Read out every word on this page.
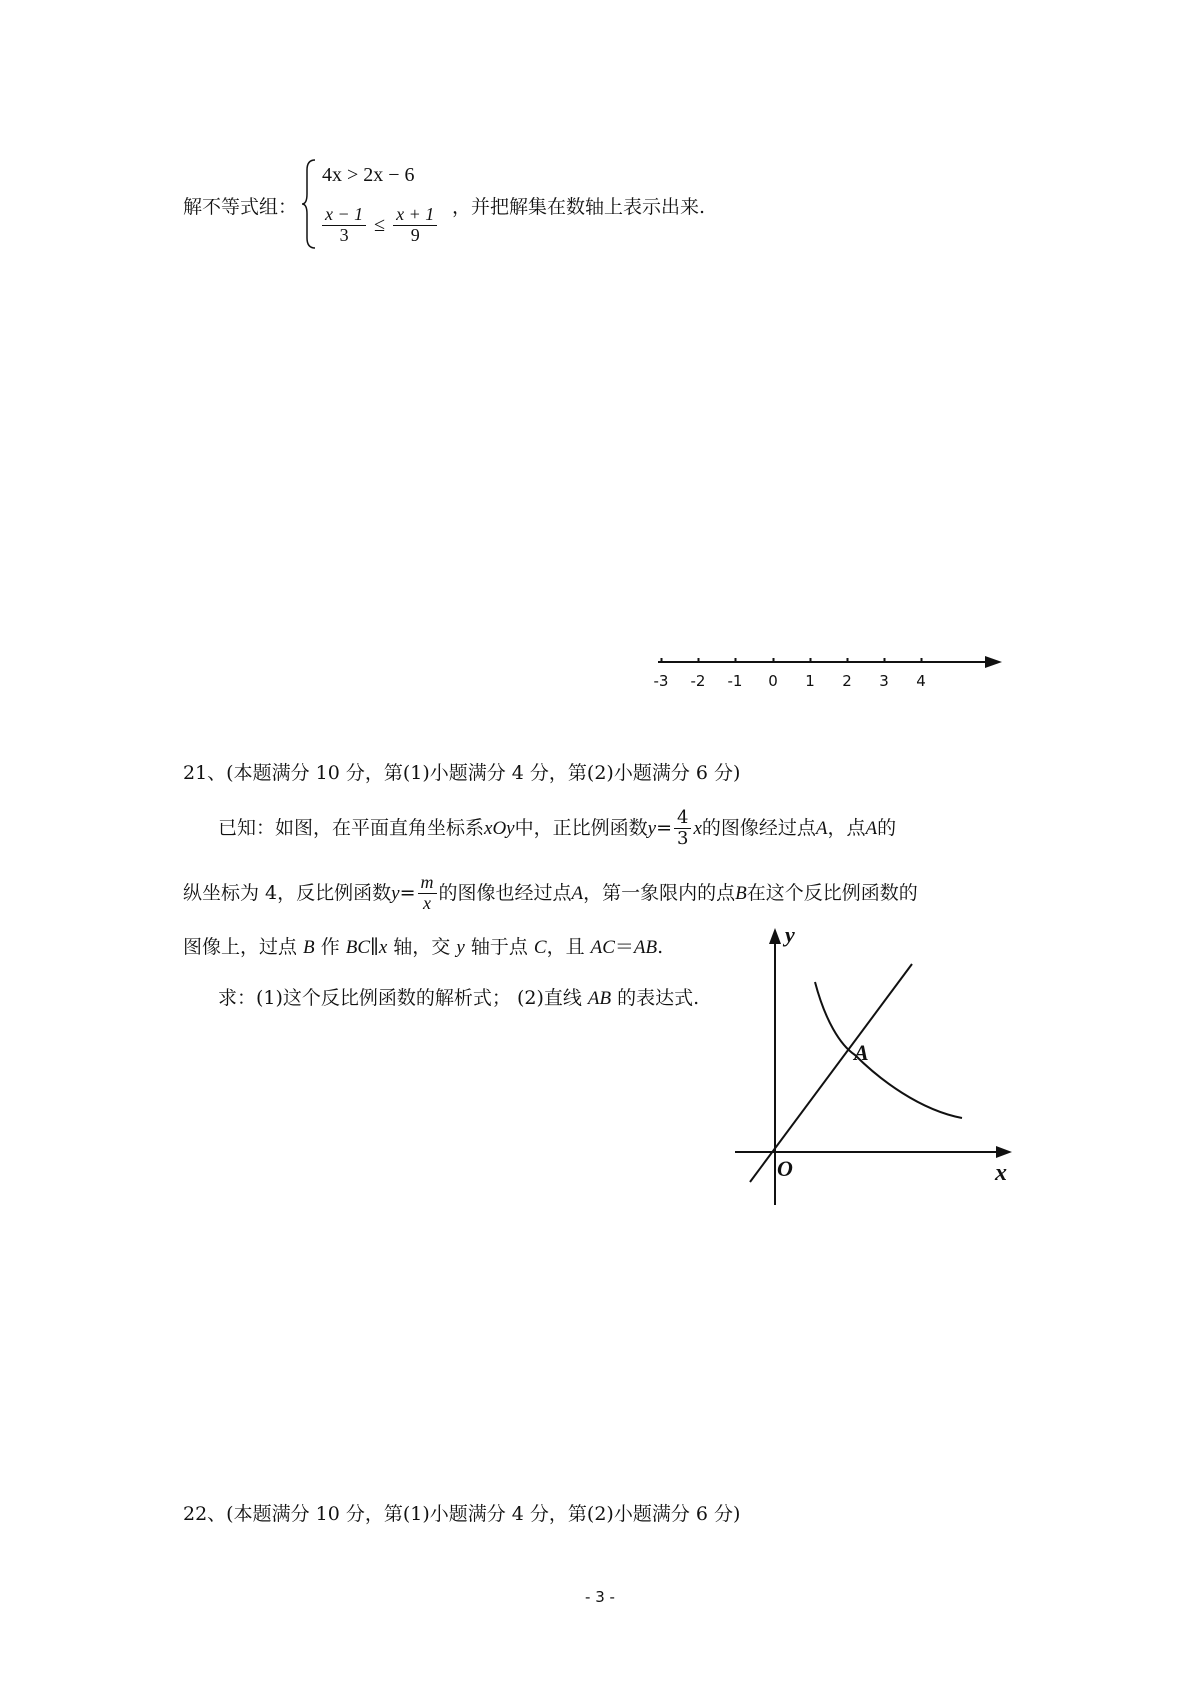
解不等式组：
4x > 2x − 6
$\frac{x - 1}{3} \le \frac{x + 1}{9}$ ，并把解集在数轴上表示出来.
-3 -2 -1 0 1 2 3 4
21、(本题满分 10 分，第(1)小题满分 4 分，第(2)小题满分 6 分)
已知：如图，在平面直角坐标系 xOy 中，正比例函数 $y = \frac{4}{3}$ x 的图像经过点 A ，点 A 的
纵坐标为 4，反比例函数 $y = \frac{m}{x}$ 的图像也经过点 A ，第一象限内的点 B 在这个反比例函数的
图像上，过点 B 作 BC∥x 轴，交 y 轴于点 C，且 AC＝AB.
求：(1)这个反比例函数的解析式； (2)直线 AB 的表达式.
y
x
O
A
22、(本题满分 10 分，第(1)小题满分 4 分，第(2)小题满分 6 分)
- 3 -
